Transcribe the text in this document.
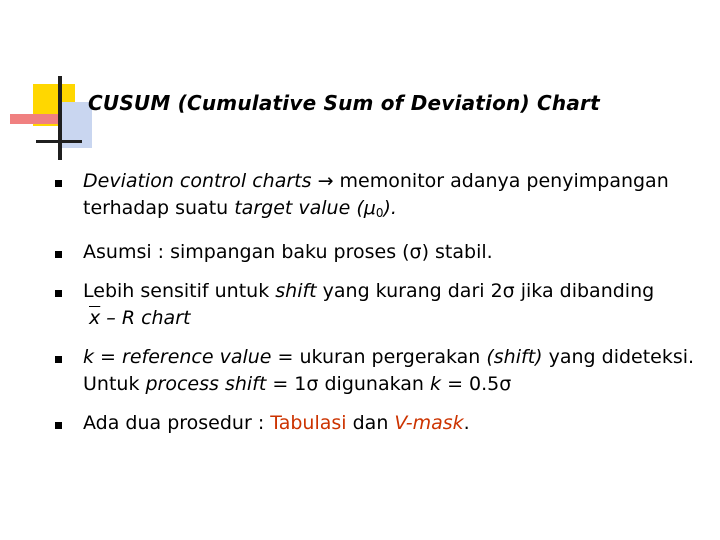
CUSUM (Cumulative Sum of Deviation) Chart
Deviation control charts → memonitor adanya penyimpangan terhadap suatu target value $(\mu_0)$.
Asumsi : simpangan baku proses (σ) stabil.
Lebih sensitif untuk shift yang kurang dari 2σ jika dibanding $\overline{x}$ – R chart
k = reference value = ukuran pergerakan (shift) yang dideteksi. Untuk process shift = 1σ digunakan k = 0.5σ
Ada dua prosedur : Tabulasi dan V-mask.
